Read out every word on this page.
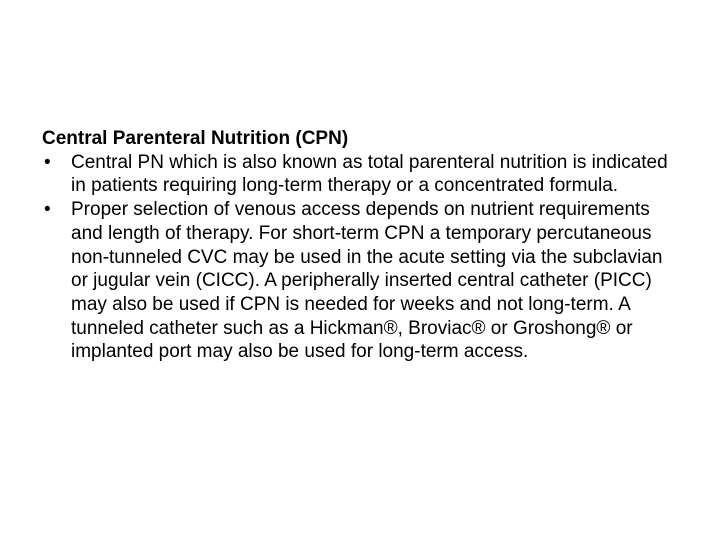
Central Parenteral Nutrition (CPN)
• Central PN which is also known as total parenteral nutrition is indicated in patients requiring long-term therapy or a concentrated formula.
• Proper selection of venous access depends on nutrient requirements and length of therapy. For short-term CPN a temporary percutaneous non-tunneled CVC may be used in the acute setting via the subclavian or jugular vein (CICC). A peripherally inserted central catheter (PICC) may also be used if CPN is needed for weeks and not long-term. A tunneled catheter such as a Hickman®, Broviac® or Groshong® or implanted port may also be used for long-term access.
